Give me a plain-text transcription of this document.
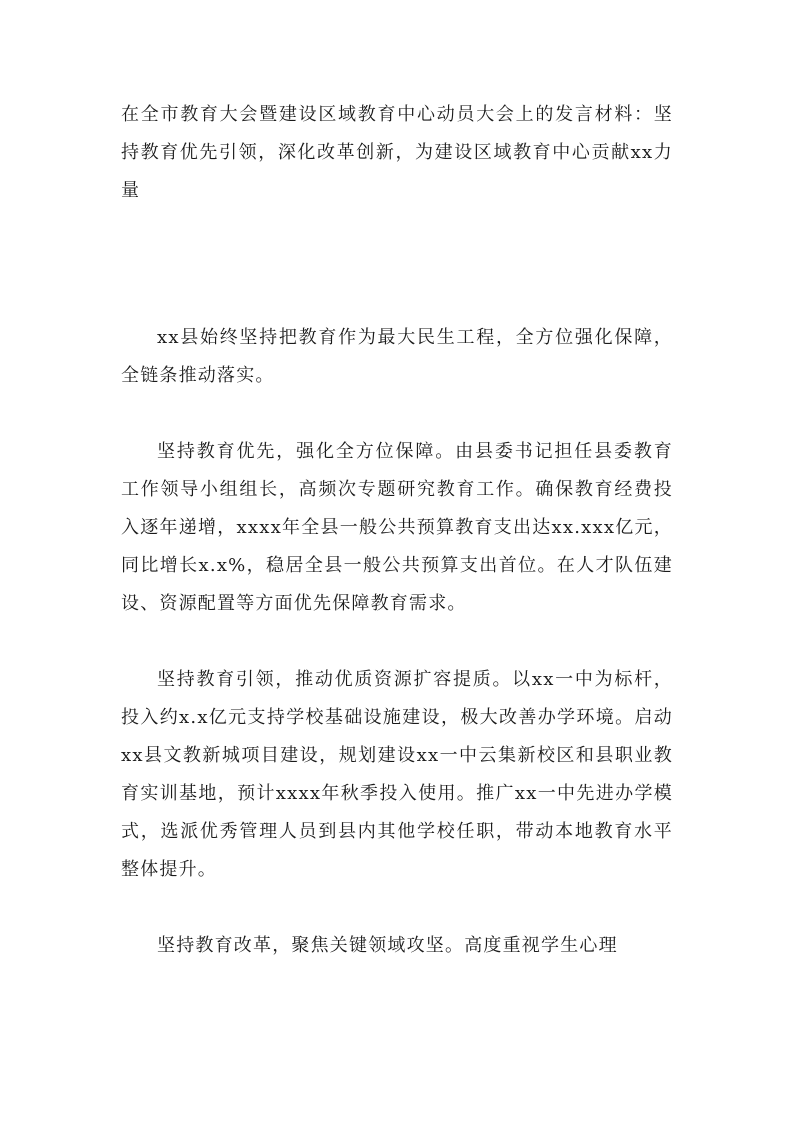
在全市教育大会暨建设区域教育中心动员大会上的发言材料：坚持教育优先引领，深化改革创新，为建设区域教育中心贡献xx力量

xx县始终坚持把教育作为最大民生工程，全方位强化保障，全链条推动落实。

坚持教育优先，强化全方位保障。由县委书记担任县委教育工作领导小组组长，高频次专题研究教育工作。确保教育经费投入逐年递增，xxxx年全县一般公共预算教育支出达xx.xxx亿元，同比增长x.x%，稳居全县一般公共预算支出首位。在人才队伍建设、资源配置等方面优先保障教育需求。

坚持教育引领，推动优质资源扩容提质。以xx一中为标杆，投入约x.x亿元支持学校基础设施建设，极大改善办学环境。启动xx县文教新城项目建设，规划建设xx一中云集新校区和县职业教育实训基地，预计xxxx年秋季投入使用。推广xx一中先进办学模式，选派优秀管理人员到县内其他学校任职，带动本地教育水平整体提升。

坚持教育改革，聚焦关键领域攻坚。高度重视学生心理
